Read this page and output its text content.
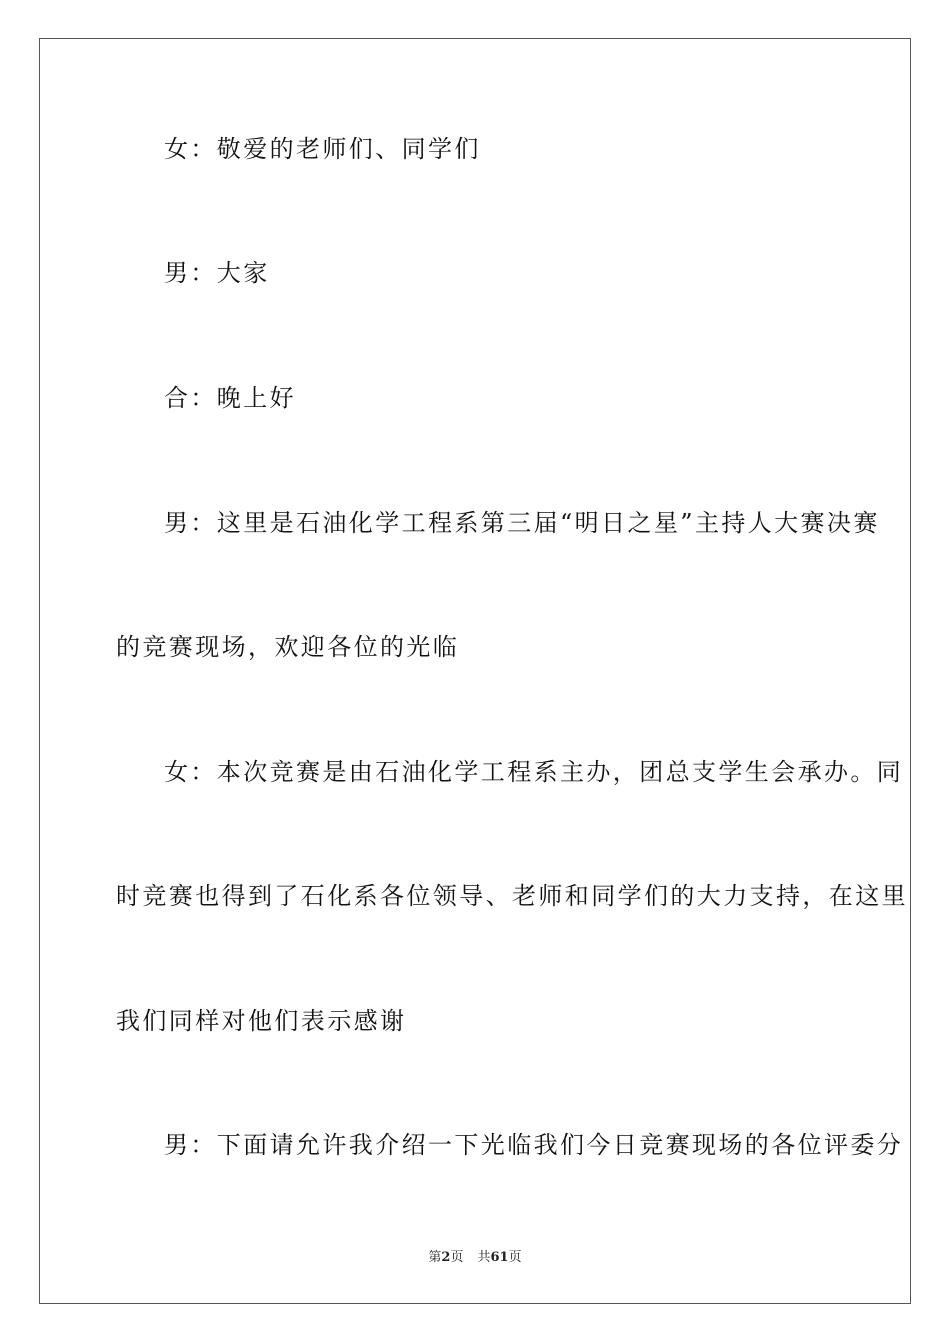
女：敬爱的老师们、同学们
男：大家
合：晚上好
男：这里是石油化学工程系第三届“明日之星”主持人大赛决赛
的竞赛现场，欢迎各位的光临
女：本次竞赛是由石油化学工程系主办，团总支学生会承办。同
时竞赛也得到了石化系各位领导、老师和同学们的大力支持，在这里
我们同样对他们表示感谢
男：下面请允许我介绍一下光临我们今日竞赛现场的各位评委分
第2页 共61页
